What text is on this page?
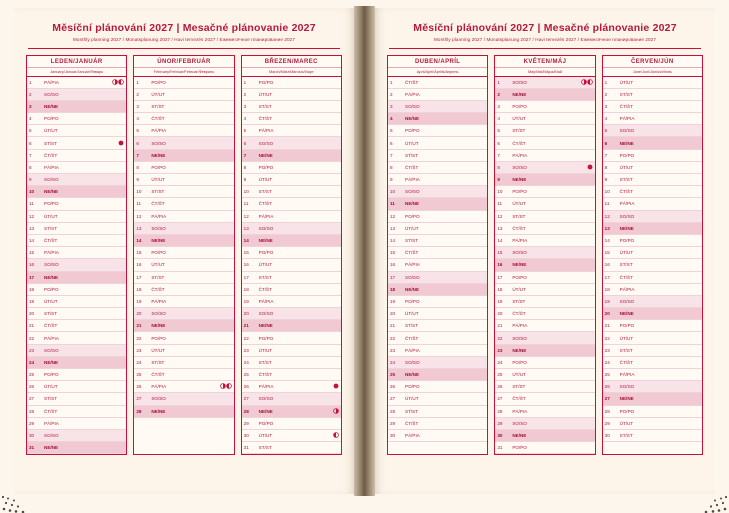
Měsíční plánování 2027 | Mesačné plánovanie 2027
Monthly planning 2027 / Monatsplanung 2027 / Havi tervezés 2027 / Ежемесячное планирование 2027
LEDEN/JANUÁR
January/Januar/Január/Январь
1	PÁ/PIA	
2	SO/SO	
3	NE/NE	
4	PO/PO	
5	ÚT/UT	
6	ST/ST	
7	ČT/ŠT	
8	PÁ/PIA	
9	SO/SO	
10	NE/NE	
11	PO/PO	
12	ÚT/UT	
13	ST/ST	
14	ČT/ŠT	
15	PÁ/PIA	
16	SO/SO	
17	NE/NE	
18	PO/PO	
19	ÚT/UT	
20	ST/ST	
21	ČT/ŠT	
22	PÁ/PIA	
23	SO/SO	
24	NE/NE	
25	PO/PO	
26	ÚT/UT	
27	ST/ST	
28	ČT/ŠT	
29	PÁ/PIA	
30	SO/SO	
31	NE/NE	
ÚNOR/FEBRUÁR
February/Februar/Február/Февраль
1	PO/PO	
2	ÚT/UT	
3	ST/ST	
4	ČT/ŠT	
5	PÁ/PIA	
6	SO/SO	
7	NE/NE	
8	PO/PO	
9	ÚT/UT	
10	ST/ST	
11	ČT/ŠT	
12	PÁ/PIA	
13	SO/SO	
14	NE/NE	
15	PO/PO	
16	ÚT/UT	
17	ST/ST	
18	ČT/ŠT	
19	PÁ/PIA	
20	SO/SO	
21	NE/NE	
22	PO/PO	
23	ÚT/UT	
24	ST/ST	
25	ČT/ŠT	
26	PÁ/PIA	
27	SO/SO	
28	NE/NE	
BŘEZEN/MAREC
March/März/Március/Март
1	PO/PO	
2	ÚT/UT	
3	ST/ST	
4	ČT/ŠT	
5	PÁ/PIA	
6	SO/SO	
7	NE/NE	
8	PO/PO	
9	ÚT/UT	
10	ST/ST	
11	ČT/ŠT	
12	PÁ/PIA	
13	SO/SO	
14	NE/NE	
15	PO/PO	
16	ÚT/UT	
17	ST/ST	
18	ČT/ŠT	
19	PÁ/PIA	
20	SO/SO	
21	NE/NE	
22	PO/PO	
23	ÚT/UT	
24	ST/ST	
25	ČT/ŠT	
26	PÁ/PIA	
27	SO/SO	
28	NE/NE	
29	PO/PO	
30	ÚT/UT	
31	ST/ST	
Měsíční plánování 2027 | Mesačné plánovanie 2027
Monthly planning 2027 / Monatsplanung 2027 / Havi tervezés 2027 / Ежемесячное планирование 2027
DUBEN/APRÍL
April/April/Április/Апрель
1	ČT/ŠT	
2	PÁ/PIA	
3	SO/SO	
4	NE/NE	
5	PO/PO	
6	ÚT/UT	
7	ST/ST	
8	ČT/ŠT	
9	PÁ/PIA	
10	SO/SO	
11	NE/NE	
12	PO/PO	
13	ÚT/UT	
14	ST/ST	
15	ČT/ŠT	
16	PÁ/PIA	
17	SO/SO	
18	NE/NE	
19	PO/PO	
20	ÚT/UT	
21	ST/ST	
22	ČT/ŠT	
23	PÁ/PIA	
24	SO/SO	
25	NE/NE	
26	PO/PO	
27	ÚT/UT	
28	ST/ST	
29	ČT/ŠT	
30	PÁ/PIA	
KVĚTEN/MÁJ
May/Mai/Május/Май
1	SO/SO	
2	NE/NE	
3	PO/PO	
4	ÚT/UT	
5	ST/ST	
6	ČT/ŠT	
7	PÁ/PIA	
8	SO/SO	
9	NE/NE	
10	PO/PO	
11	ÚT/UT	
12	ST/ST	
13	ČT/ŠT	
14	PÁ/PIA	
15	SO/SO	
16	NE/NE	
17	PO/PO	
18	ÚT/UT	
19	ST/ST	
20	ČT/ŠT	
21	PÁ/PIA	
22	SO/SO	
23	NE/NE	
24	PO/PO	
25	ÚT/UT	
26	ST/ST	
27	ČT/ŠT	
28	PÁ/PIA	
29	SO/SO	
30	NE/NE	
31	PO/PO	
ČERVEN/JÚN
June/Juni/Június/Июнь
1	ÚT/UT	
2	ST/ST	
3	ČT/ŠT	
4	PÁ/PIA	
5	SO/SO	
6	NE/NE	
7	PO/PO	
8	ÚT/UT	
9	ST/ST	
10	ČT/ŠT	
11	PÁ/PIA	
12	SO/SO	
13	NE/NE	
14	PO/PO	
15	ÚT/UT	
16	ST/ST	
17	ČT/ŠT	
18	PÁ/PIA	
19	SO/SO	
20	NE/NE	
21	PO/PO	
22	ÚT/UT	
23	ST/ST	
24	ČT/ŠT	
25	PÁ/PIA	
26	SO/SO	
27	NE/NE	
28	PO/PO	
29	ÚT/UT	
30	ST/ST	
